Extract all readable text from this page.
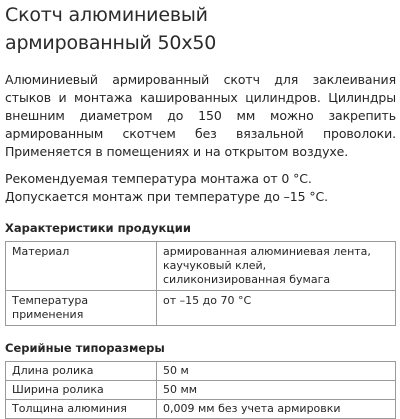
Скотч алюминиевый
армированный 50х50

Алюминиевый армированный скотч для заклеивания стыков и монтажа кашированных цилиндров. Цилиндры внешним диаметром до 150 мм можно закрепить армированным скотчем без вязальной проволоки. Применяется в помещениях и на открытом воздухе.

Рекомендуемая температура монтажа от 0 °С.
Допускается монтаж при температуре до –15 °С.

Характеристики продукции
Материал	армированная алюминиевая лента,
каучуковый клей,
силиконизированная бумага

Температура применения	от –15 до 70 °С
Серийные типоразмеры
Длина ролика	50 м
Ширина ролика	50 мм
Толщина алюминия	0,009 мм без учета армировки
